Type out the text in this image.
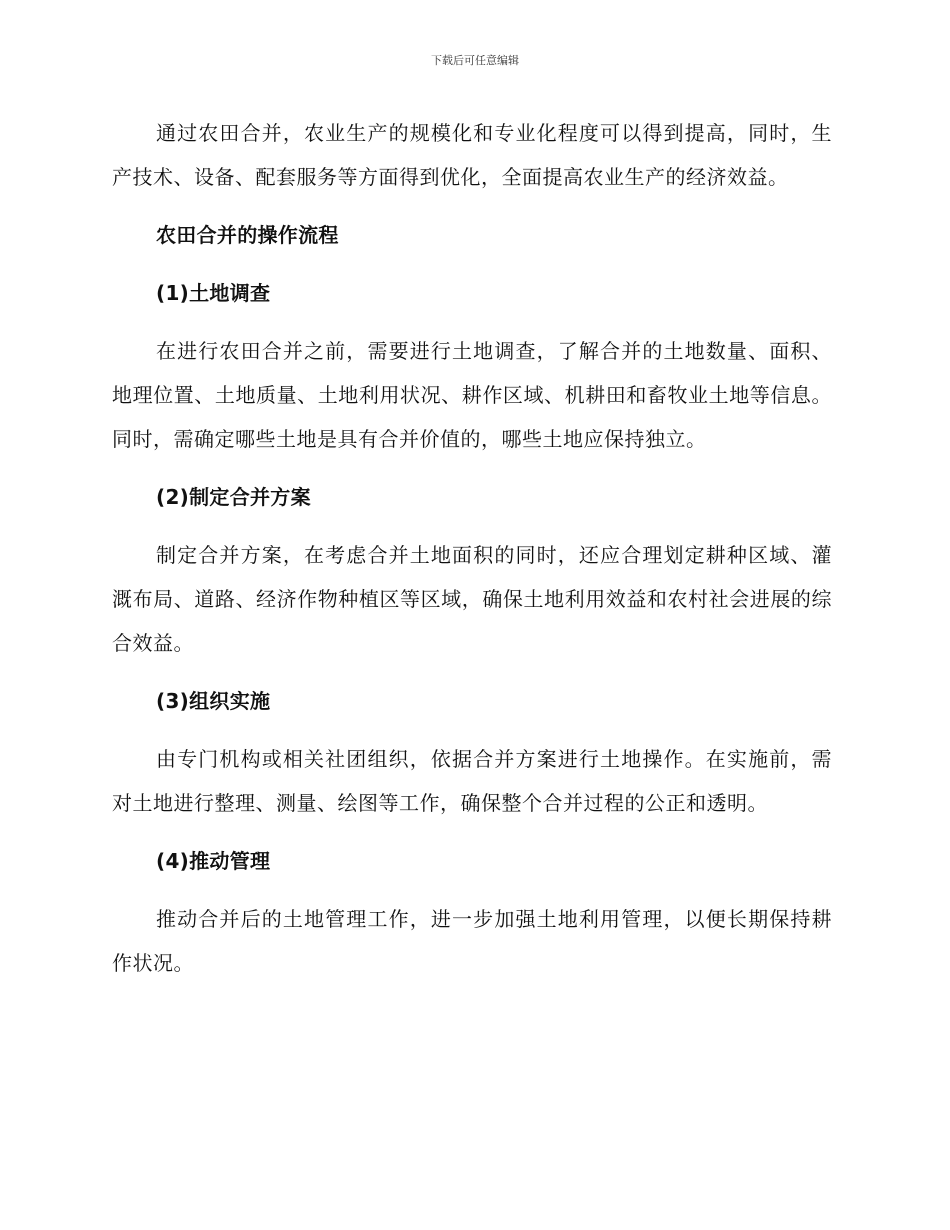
下载后可任意编辑

通过农田合并，农业生产的规模化和专业化程度可以得到提高，同时，生产技术、设备、配套服务等方面得到优化，全面提高农业生产的经济效益。

农田合并的操作流程
(1)土地调查

在进行农田合并之前，需要进行土地调查，了解合并的土地数量、面积、地理位置、土地质量、土地利用状况、耕作区域、机耕田和畜牧业土地等信息。同时，需确定哪些土地是具有合并价值的，哪些土地应保持独立。

(2)制定合并方案

制定合并方案，在考虑合并土地面积的同时，还应合理划定耕种区域、灌溉布局、道路、经济作物种植区等区域，确保土地利用效益和农村社会进展的综合效益。

(3)组织实施

由专门机构或相关社团组织，依据合并方案进行土地操作。在实施前，需对土地进行整理、测量、绘图等工作，确保整个合并过程的公正和透明。

(4)推动管理

推动合并后的土地管理工作，进一步加强土地利用管理，以便长期保持耕作状况。
